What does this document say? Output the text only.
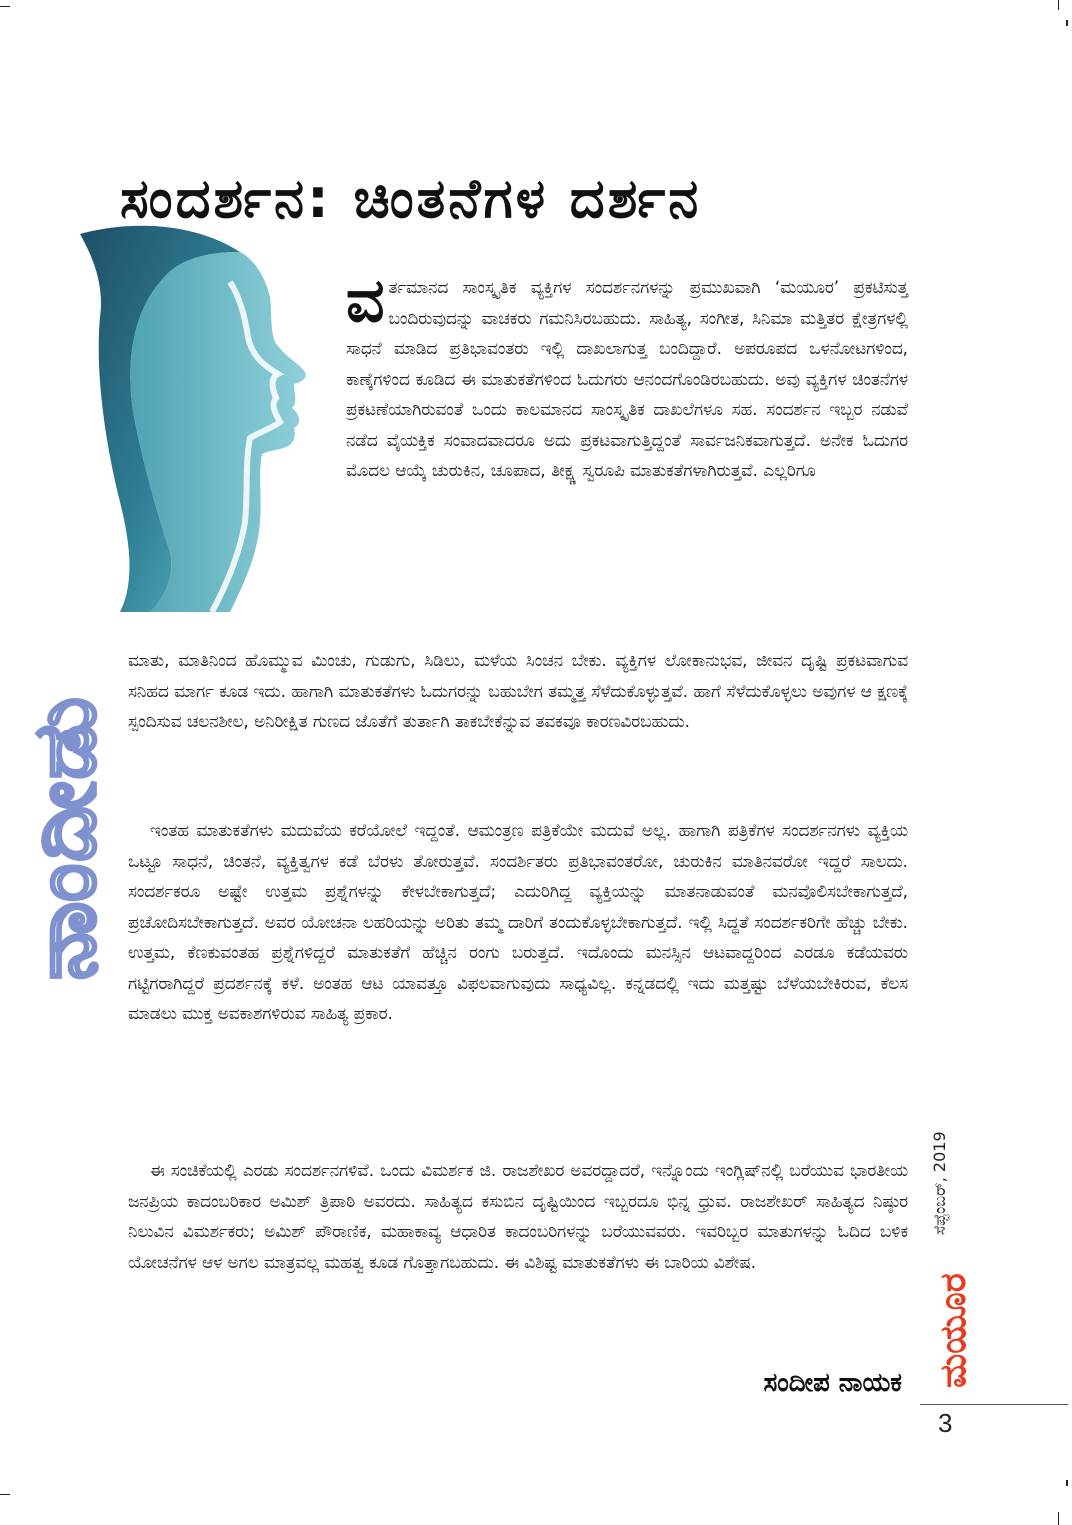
ಸಂದರ್ಶನ: ಚಿಂತನೆಗಳ ದರ್ಶನ
ನಾಂದೀಡು
ವರ್ತಮಾನದ ಸಾಂಸ್ಕೃತಿಕ ವ್ಯಕ್ತಿಗಳ ಸಂದರ್ಶನಗಳನ್ನು ಪ್ರಮುಖವಾಗಿ ‘ಮಯೂರ’ ಪ್ರಕಟಿಸುತ್ತ ಬಂದಿರುವುದನ್ನು ವಾಚಕರು ಗಮನಿಸಿರಬಹುದು. ಸಾಹಿತ್ಯ, ಸಂಗೀತ, ಸಿನಿಮಾ ಮತ್ತಿತರ ಕ್ಷೇತ್ರಗಳಲ್ಲಿ ಸಾಧನೆ ಮಾಡಿದ ಪ್ರತಿಭಾವಂತರು ಇಲ್ಲಿ ದಾಖಲಾಗುತ್ತ ಬಂದಿದ್ದಾರೆ. ಅಪರೂಪದ ಒಳನೋಟಗಳಿಂದ, ಕಾಣ್ಕೆಗಳಿಂದ ಕೂಡಿದ ಈ ಮಾತುಕತೆಗಳಿಂದ ಓದುಗರು ಆನಂದಗೊಂಡಿರಬಹುದು. ಅವು ವ್ಯಕ್ತಿಗಳ ಚಿಂತನೆಗಳ ಪ್ರಕಟಣೆಯಾಗಿರುವಂತೆ ಒಂದು ಕಾಲಮಾನದ ಸಾಂಸ್ಕೃತಿಕ ದಾಖಲೆಗಳೂ ಸಹ. ಸಂದರ್ಶನ ಇಬ್ಬರ ನಡುವೆ ನಡೆದ ವೈಯಕ್ತಿಕ ಸಂವಾದವಾದರೂ ಅದು ಪ್ರಕಟವಾಗುತ್ತಿದ್ದಂತೆ ಸಾರ್ವಜನಿಕವಾಗುತ್ತದೆ. ಅನೇಕ ಓದುಗರ ಮೊದಲ ಆಯ್ಕೆ ಚುರುಕಿನ, ಚೂಪಾದ, ತೀಕ್ಷ್ಣ ಸ್ವರೂಪಿ ಮಾತುಕತೆಗಳಾಗಿರುತ್ತವೆ. ಎಲ್ಲರಿಗೂ
ಮಾತು, ಮಾತಿನಿಂದ ಹೊಮ್ಮುವ ಮಿಂಚು, ಗುಡುಗು, ಸಿಡಿಲು, ಮಳೆಯ ಸಿಂಚನ ಬೇಕು. ವ್ಯಕ್ತಿಗಳ ಲೋಕಾನುಭವ, ಜೀವನ ದೃಷ್ಟಿ ಪ್ರಕಟವಾಗುವ ಸನಿಹದ ಮಾರ್ಗ ಕೂಡ ಇದು. ಹಾಗಾಗಿ ಮಾತುಕತೆಗಳು ಓದುಗರನ್ನು ಬಹುಬೇಗ ತಮ್ಮತ್ತ ಸೆಳೆದುಕೊಳ್ಳುತ್ತವೆ. ಹಾಗೆ ಸೆಳೆದುಕೊಳ್ಳಲು ಅವುಗಳ ಆ ಕ್ಷಣಕ್ಕೆ ಸ್ಪಂದಿಸುವ ಚಲನಶೀಲ, ಅನಿರೀಕ್ಷಿತ ಗುಣದ ಜೊತೆಗೆ ತುರ್ತಾಗಿ ತಾಕಬೇಕೆನ್ನುವ ತವಕವೂ ಕಾರಣವಿರಬಹುದು.
ಇಂತಹ ಮಾತುಕತೆಗಳು ಮದುವೆಯ ಕರೆಯೋಲೆ ಇದ್ದಂತೆ. ಆಮಂತ್ರಣ ಪತ್ರಿಕೆಯೇ ಮದುವೆ ಅಲ್ಲ. ಹಾಗಾಗಿ ಪತ್ರಿಕೆಗಳ ಸಂದರ್ಶನಗಳು ವ್ಯಕ್ತಿಯ ಒಟ್ಟೂ ಸಾಧನೆ, ಚಿಂತನೆ, ವ್ಯಕ್ತಿತ್ವಗಳ ಕಡೆ ಬೆರಳು ತೋರುತ್ತವೆ. ಸಂದರ್ಶಿತರು ಪ್ರತಿಭಾವಂತರೋ, ಚುರುಕಿನ ಮಾತಿನವರೋ ಇದ್ದರೆ ಸಾಲದು. ಸಂದರ್ಶಕರೂ ಅಷ್ಟೇ ಉತ್ತಮ ಪ್ರಶ್ನೆಗಳನ್ನು ಕೇಳಬೇಕಾಗುತ್ತದೆ; ಎದುರಿಗಿದ್ದ ವ್ಯಕ್ತಿಯನ್ನು ಮಾತನಾಡುವಂತೆ ಮನವೊಲಿಸಬೇಕಾಗುತ್ತದೆ, ಪ್ರಚೋದಿಸಬೇಕಾಗುತ್ತದೆ. ಅವರ ಯೋಚನಾ ಲಹರಿಯನ್ನು ಅರಿತು ತಮ್ಮ ದಾರಿಗೆ ತಂದುಕೊಳ್ಳಬೇಕಾಗುತ್ತದೆ. ಇಲ್ಲಿ ಸಿದ್ಧತೆ ಸಂದರ್ಶಕರಿಗೇ ಹೆಚ್ಚು ಬೇಕು. ಉತ್ತಮ, ಕೆಣಕುವಂತಹ ಪ್ರಶ್ನೆಗಳಿದ್ದರೆ ಮಾತುಕತೆಗೆ ಹೆಚ್ಚಿನ ರಂಗು ಬರುತ್ತದೆ. ಇದೊಂದು ಮನಸ್ಸಿನ ಆಟವಾದ್ದರಿಂದ ಎರಡೂ ಕಡೆಯವರು ಗಟ್ಟಿಗರಾಗಿದ್ದರೆ ಪ್ರದರ್ಶನಕ್ಕೆ ಕಳೆ. ಅಂತಹ ಆಟ ಯಾವತ್ತೂ ವಿಫಲವಾಗುವುದು ಸಾಧ್ಯವಿಲ್ಲ. ಕನ್ನಡದಲ್ಲಿ ಇದು ಮತ್ತಷ್ಟು ಬೆಳೆಯಬೇಕಿರುವ, ಕೆಲಸ ಮಾಡಲು ಮುಕ್ತ ಅವಕಾಶಗಳಿರುವ ಸಾಹಿತ್ಯ ಪ್ರಕಾರ.
ಈ ಸಂಚಿಕೆಯಲ್ಲಿ ಎರಡು ಸಂದರ್ಶನಗಳಿವೆ. ಒಂದು ವಿಮರ್ಶಕ ಜಿ. ರಾಜಶೇಖರ ಅವರದ್ದಾದರೆ, ಇನ್ನೊಂದು ಇಂಗ್ಲಿಷ್‌ನಲ್ಲಿ ಬರೆಯುವ ಭಾರತೀಯ ಜನಪ್ರಿಯ ಕಾದಂಬರಿಕಾರ ಅಮಿಶ್ ತ್ರಿಪಾಠಿ ಅವರದು. ಸಾಹಿತ್ಯದ ಕಸುಬಿನ ದೃಷ್ಟಿಯಿಂದ ಇಬ್ಬರದೂ ಭಿನ್ನ ಧ್ರುವ. ರಾಜಶೇಖರ್ ಸಾಹಿತ್ಯದ ನಿಷ್ಠುರ ನಿಲುವಿನ ವಿಮರ್ಶಕರು; ಅಮಿಶ್ ಪೌರಾಣಿಕ, ಮಹಾಕಾವ್ಯ ಆಧಾರಿತ ಕಾದಂಬರಿಗಳನ್ನು ಬರೆಯುವವರು. ಇವರಿಬ್ಬರ ಮಾತುಗಳನ್ನು ಓದಿದ ಬಳಿಕ ಯೋಚನೆಗಳ ಆಳ ಅಗಲ ಮಾತ್ರವಲ್ಲ ಮಹತ್ವ ಕೂಡ ಗೊತ್ತಾಗಬಹುದು. ಈ ವಿಶಿಷ್ಟ ಮಾತುಕತೆಗಳು ಈ ಬಾರಿಯ ವಿಶೇಷ.
ಸಂದೀಪ ನಾಯಕ
ಸೆಪ್ಟೆಂಬರ್, 2019
ಮಯೂರ
3
